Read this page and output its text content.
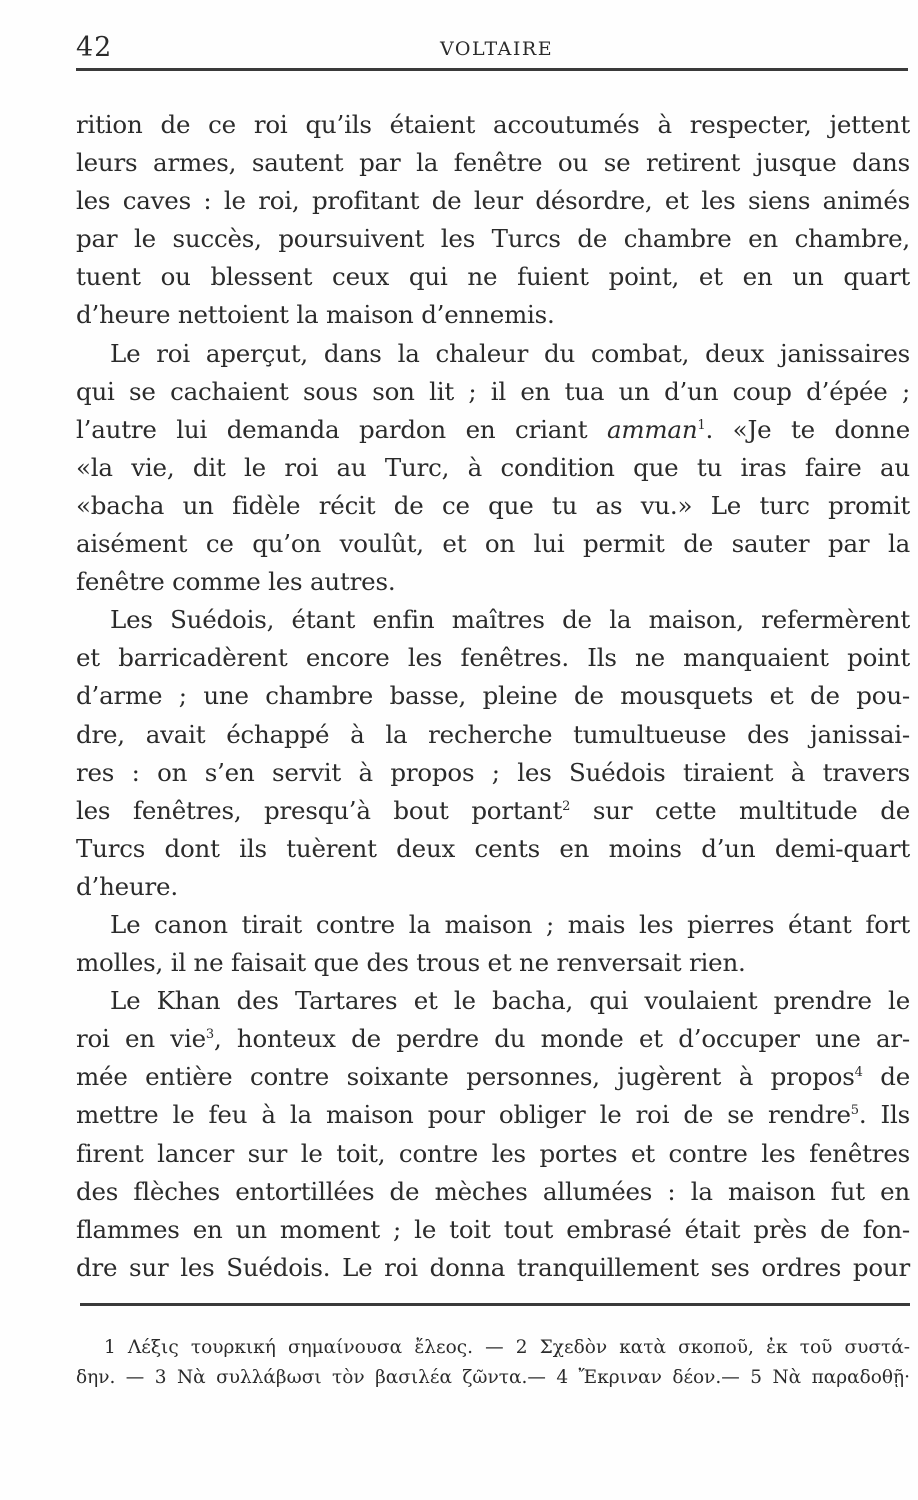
42	VOLTAIRE
rition de ce roi qu’ils étaient accoutumés à respecter, jettent
leurs armes, sautent par la fenêtre ou se retirent jusque dans
les caves : le roi, profitant de leur désordre, et les siens animés
par le succès, poursuivent les Turcs de chambre en chambre,
tuent ou blessent ceux qui ne fuient point, et en un quart
d’heure nettoient la maison d’ennemis.
Le roi aperçut, dans la chaleur du combat, deux janissaires
qui se cachaient sous son lit ; il en tua un d’un coup d’épée ;
l’autre lui demanda pardon en criant amman$^1$. «Je te donne
«la vie, dit le roi au Turc, à condition que tu iras faire au
«bacha un fidèle récit de ce que tu as vu.» Le turc promit
aisément ce qu’on voulût, et on lui permit de sauter par la
fenêtre comme les autres.
Les Suédois, étant enfin maîtres de la maison, refermèrent
et barricadèrent encore les fenêtres. Ils ne manquaient point
d’arme ; une chambre basse, pleine de mousquets et de pou-
dre, avait échappé à la recherche tumultueuse des janissai-
res : on s’en servit à propos ; les Suédois tiraient à travers
les fenêtres, presqu’à bout portant$^2$ sur cette multitude de
Turcs dont ils tuèrent deux cents en moins d’un demi-quart
d’heure.
Le canon tirait contre la maison ; mais les pierres étant fort
molles, il ne faisait que des trous et ne renversait rien.
Le Khan des Tartares et le bacha, qui voulaient prendre le
roi en vie$^3$, honteux de perdre du monde et d’occuper une ar-
mée entière contre soixante personnes, jugèrent à propos$^4$ de
mettre le feu à la maison pour obliger le roi de se rendre$^5$. Ils
firent lancer sur le toit, contre les portes et contre les fenêtres
des flèches entortillées de mèches allumées : la maison fut en
flammes en un moment ; le toit tout embrasé était près de fon-
dre sur les Suédois. Le roi donna tranquillement ses ordres pour
1 Λέξις τουρκική σημαίνουσα ἔλεος. — 2 Σχεδὸν κατὰ σκοποῦ, ἐκ τοῦ συστά-
δην. — 3 Νὰ συλλάβωσι τὸν βασιλέα ζῶντα.— 4 Ἔκριναν δέον.— 5 Νὰ παραδοθῇ·
